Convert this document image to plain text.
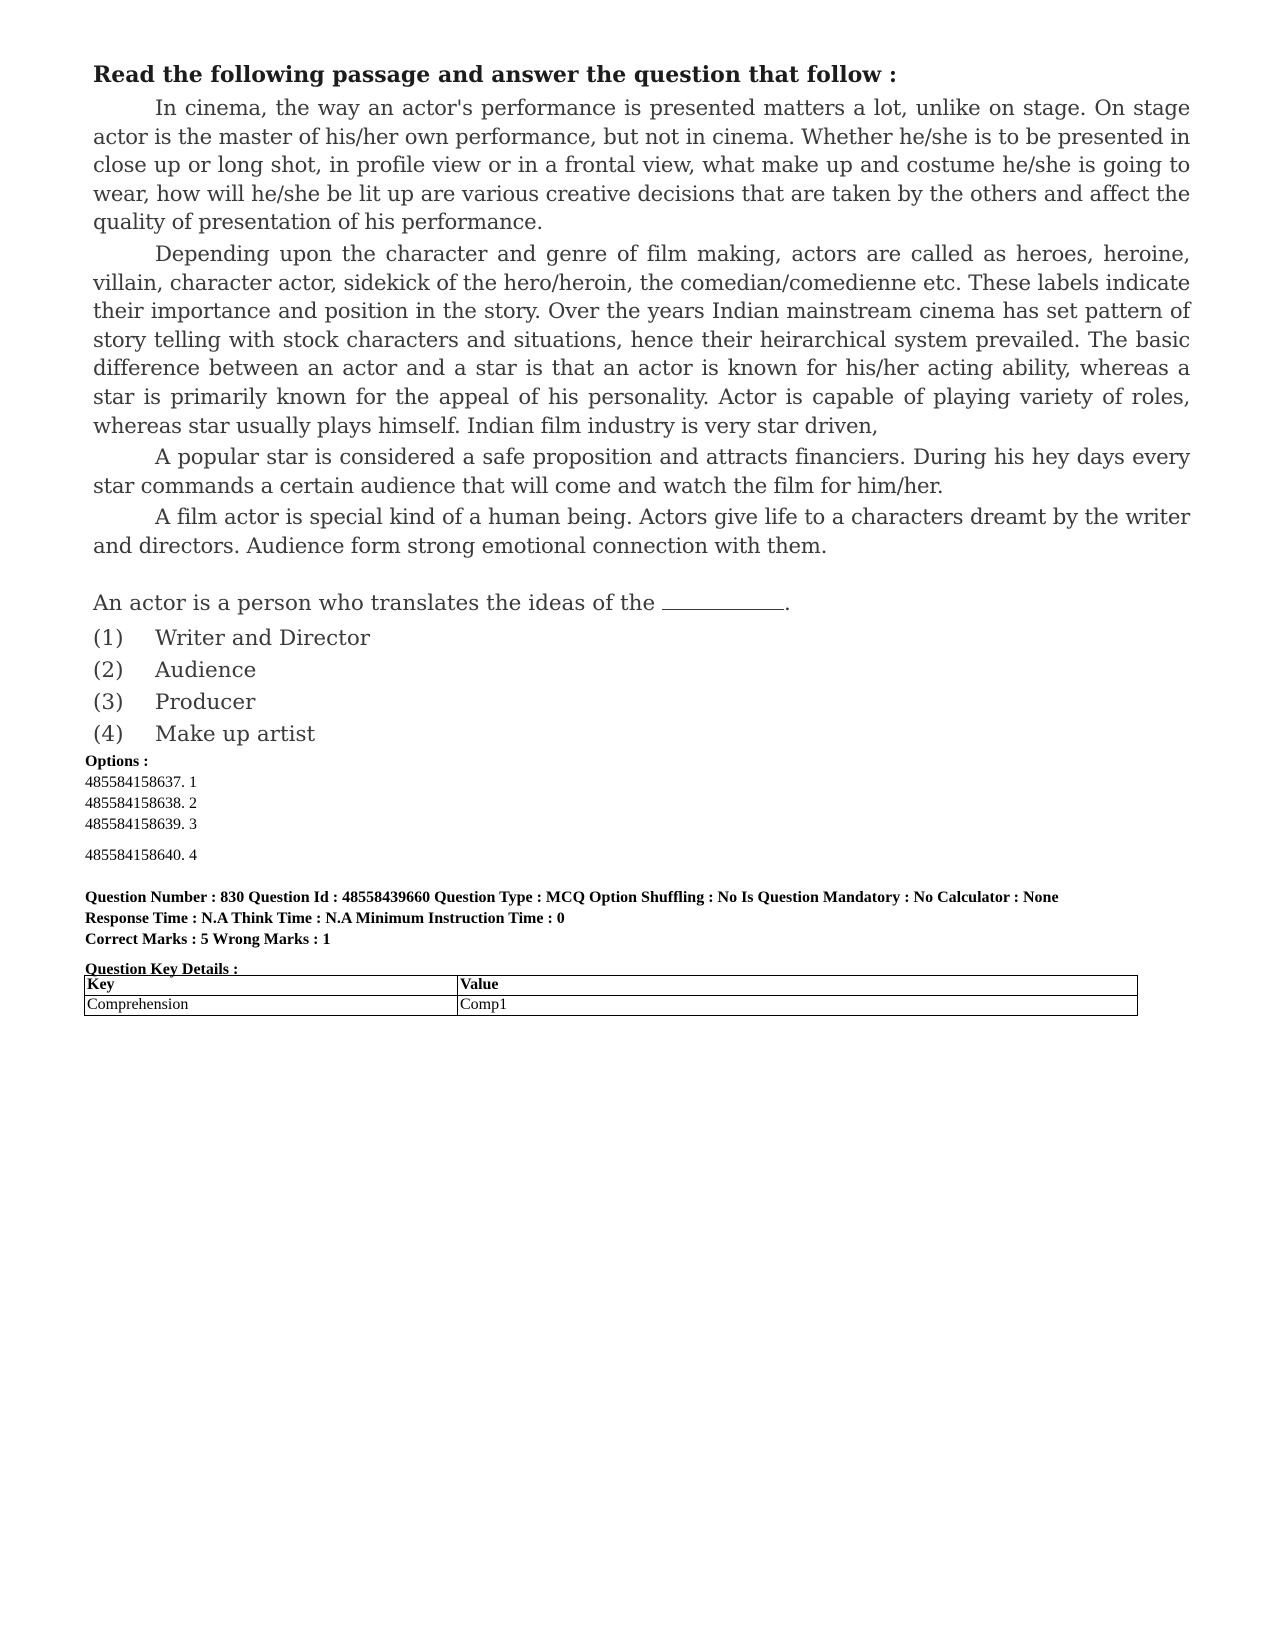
Read the following passage and answer the question that follow :

In cinema, the way an actor's performance is presented matters a lot, unlike on stage. On stage actor is the master of his/her own performance, but not in cinema. Whether he/she is to be presented in close up or long shot, in profile view or in a frontal view, what make up and costume he/she is going to wear, how will he/she be lit up are various creative decisions that are taken by the others and affect the quality of presentation of his performance.

Depending upon the character and genre of film making, actors are called as heroes, heroine, villain, character actor, sidekick of the hero/heroin, the comedian/comedienne etc. These labels indicate their importance and position in the story. Over the years Indian mainstream cinema has set pattern of story telling with stock characters and situations, hence their heirarchical system prevailed. The basic difference between an actor and a star is that an actor is known for his/her acting ability, whereas a star is primarily known for the appeal of his personality. Actor is capable of playing variety of roles, whereas star usually plays himself. Indian film industry is very star driven,

A popular star is considered a safe proposition and attracts financiers. During his hey days every star commands a certain audience that will come and watch the film for him/her.

A film actor is special kind of a human being. Actors give life to a characters dreamt by the writer and directors. Audience form strong emotional connection with them.

An actor is a person who translates the ideas of the	.
(1)	Writer and Director
(2)	Audience
(3)	Producer
(4)	Make up artist
Options :
485584158637. 1
485584158638. 2
485584158639. 3
485584158640. 4
Question Number : 830 Question Id : 48558439660 Question Type : MCQ Option Shuffling : No Is Question Mandatory : No Calculator : None
Response Time : N.A Think Time : N.A Minimum Instruction Time : 0
Correct Marks : 5 Wrong Marks : 1
Question Key Details :
Key	Value
Comprehension	Comp1
